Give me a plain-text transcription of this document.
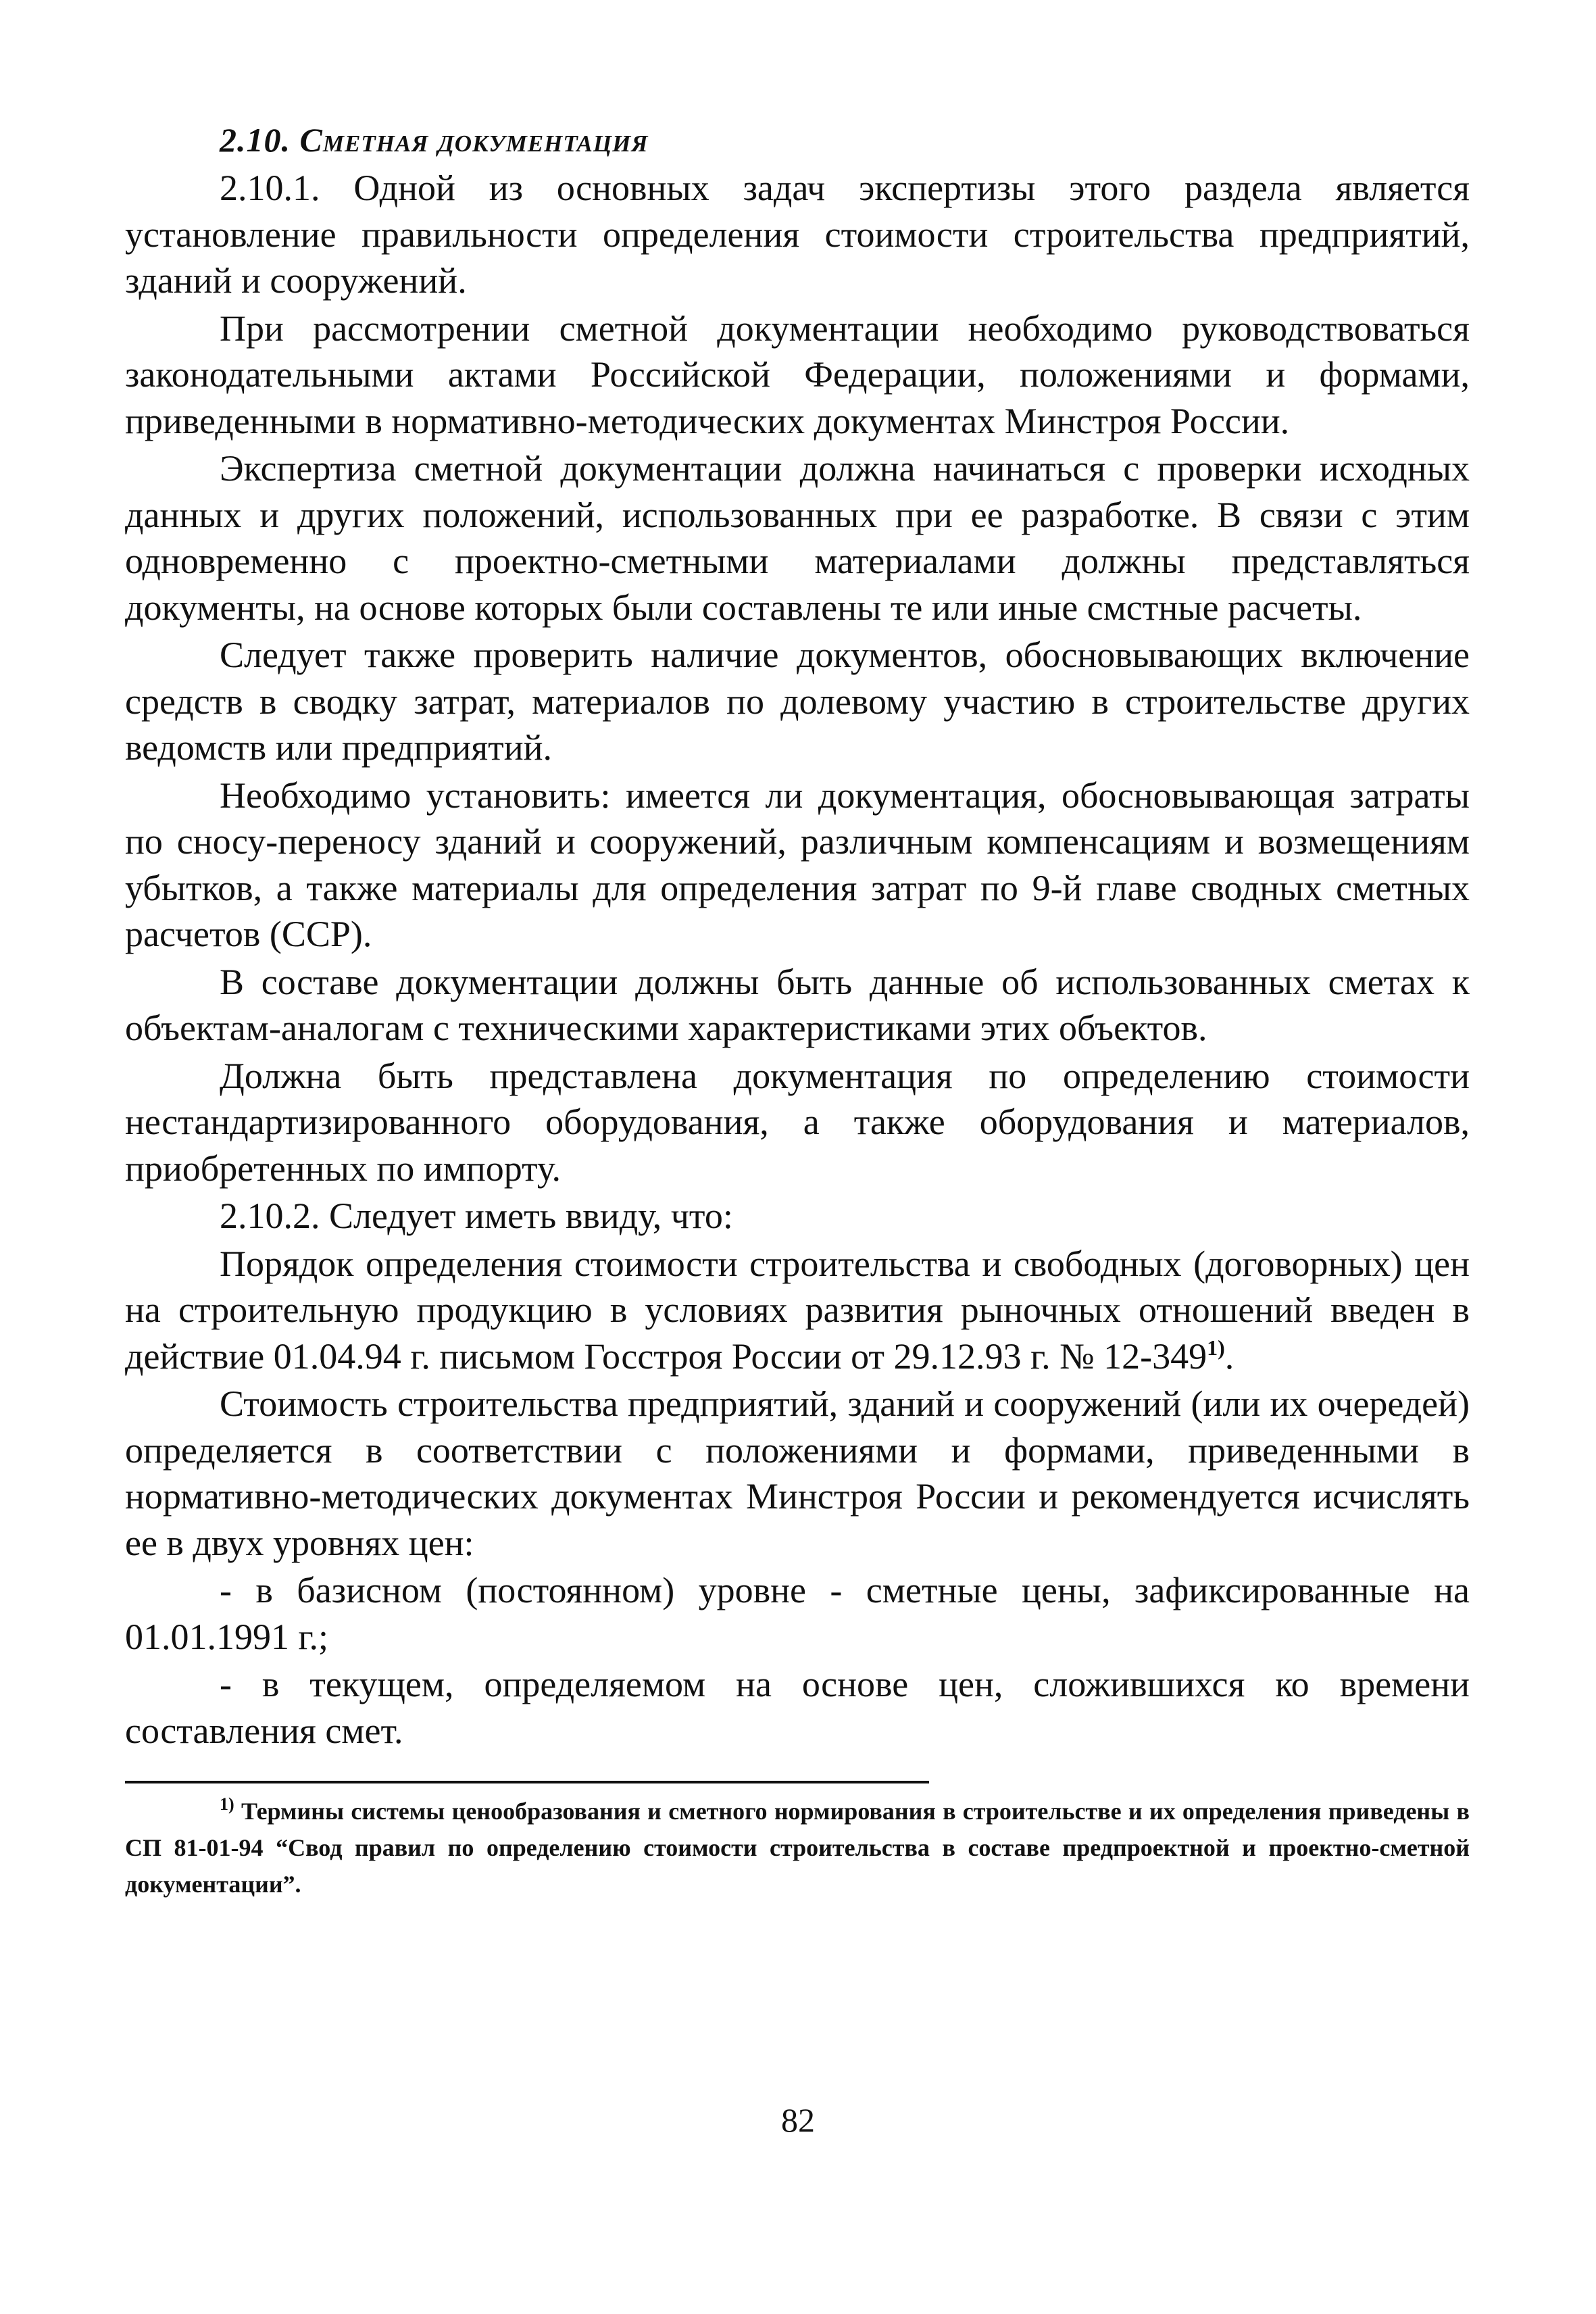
2.10. Сметная документация

2.10.1. Одной из основных задач экспертизы этого раздела является установление правильности определения стоимости строительства предприятий, зданий и сооружений.

При рассмотрении сметной документации необходимо руководствоваться законодательными актами Российской Федерации, положениями и формами, приведенными в нормативно-методических документах Минстроя России.

Экспертиза сметной документации должна начинаться с проверки исходных данных и других положений, использованных при ее разработке. В связи с этим одновременно с проектно-сметными материалами должны представляться документы, на основе которых были составлены те или иные смстные расчеты.

Следует также проверить наличие документов, обосновывающих включение средств в сводку затрат, материалов по долевому участию в строительстве других ведомств или предприятий.

Необходимо установить: имеется ли документация, обосновывающая затраты по сносу-переносу зданий и сооружений, различным компенсациям и возмещениям убытков, а также материалы для определения затрат по 9-й главе сводных сметных расчетов (ССР).

В составе документации должны быть данные об использованных сметах к объектам-аналогам с техническими характеристиками этих объектов.

Должна быть представлена документация по определению стоимости нестандартизированного оборудования, а также оборудования и материалов, приобретенных по импорту.

2.10.2. Следует иметь ввиду, что:

Порядок определения стоимости строительства и свободных (договорных) цен на строительную продукцию в условиях развития рыночных отношений введен в действие 01.04.94 г. письмом Госстроя России от 29.12.93 г. № 12-349$^{1)}$.

Стоимость строительства предприятий, зданий и сооружений (или их очередей) определяется в соответствии с положениями и формами, приведенными в нормативно-методических документах Минстроя России и рекомендуется исчислять ее в двух уровнях цен:

- в базисном (постоянном) уровне - сметные цены, зафиксированные на 01.01.1991 г.;

- в текущем, определяемом на основе цен, сложившихся ко времени составления смет.

$^{1)}$ Термины системы ценообразования и сметного нормирования в строительстве и их определения приведены в СП 81-01-94 “Свод правил по определению стоимости строительства в составе предпроектной и проектно-сметной документации”.

82
